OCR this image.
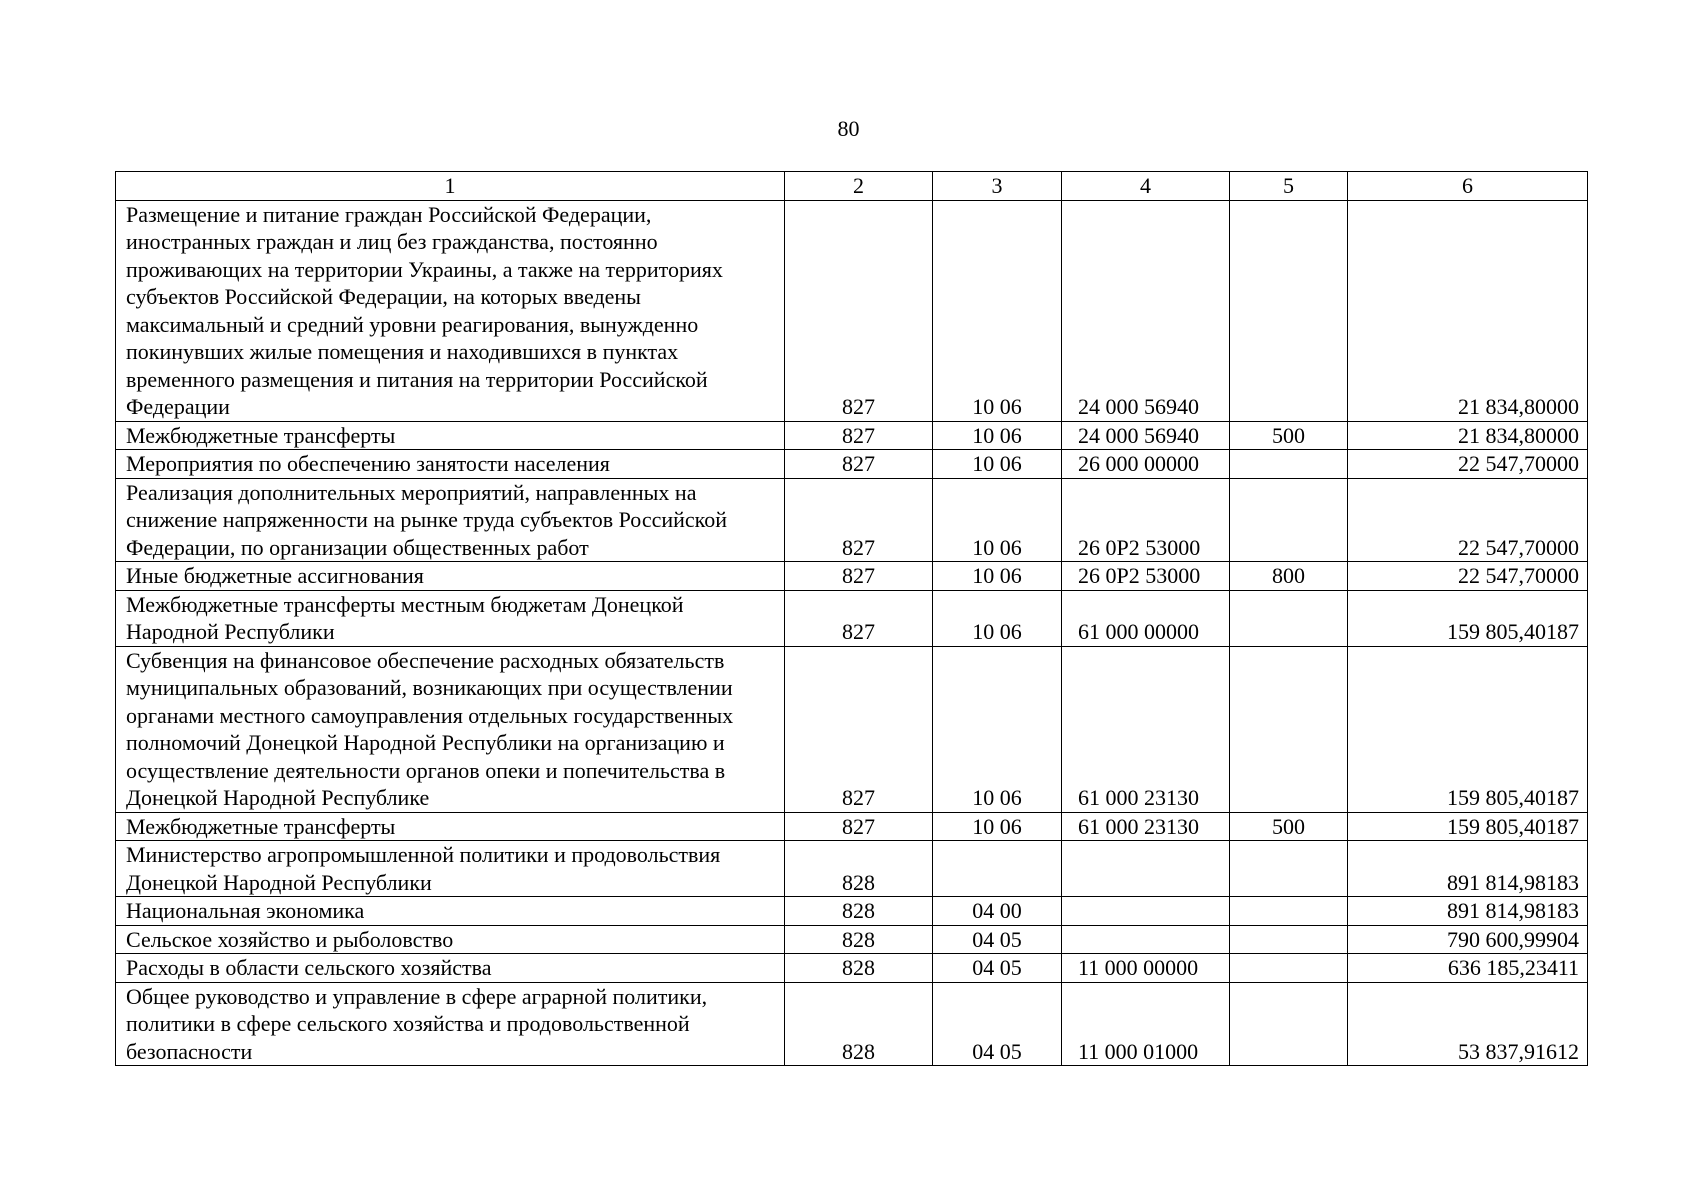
80
1	2	3	4	5	6
Размещение и питание граждан Российской Федерации, иностранных граждан и лиц без гражданства, постоянно проживающих на территории Украины, а также на территориях субъектов Российской Федерации, на которых введены максимальный и средний уровни реагирования, вынужденно покинувших жилые помещения и находившихся в пунктах временного размещения и питания на территории Российской Федерации	827	10 06	24 000 56940		21 834,80000
Межбюджетные трансферты	827	10 06	24 000 56940	500	21 834,80000
Мероприятия по обеспечению занятости населения	827	10 06	26 000 00000		22 547,70000
Реализация дополнительных мероприятий, направленных на снижение напряженности на рынке труда субъектов Российской Федерации, по организации общественных работ	827	10 06	26 0Р2 53000		22 547,70000
Иные бюджетные ассигнования	827	10 06	26 0Р2 53000	800	22 547,70000
Межбюджетные трансферты местным бюджетам Донецкой Народной Республики	827	10 06	61 000 00000		159 805,40187
Субвенция на финансовое обеспечение расходных обязательств муниципальных образований, возникающих при осуществлении органами местного самоуправления отдельных государственных полномочий Донецкой Народной Республики на организацию и осуществление деятельности органов опеки и попечительства в Донецкой Народной Республике	827	10 06	61 000 23130		159 805,40187
Межбюджетные трансферты	827	10 06	61 000 23130	500	159 805,40187
Министерство агропромышленной политики и продовольствия Донецкой Народной Республики	828				891 814,98183
Национальная экономика	828	04 00			891 814,98183
Сельское хозяйство и рыболовство	828	04 05			790 600,99904
Расходы в области сельского хозяйства	828	04 05	11 000 00000		636 185,23411
Общее руководство и управление в сфере аграрной политики, политики в сфере сельского хозяйства и продовольственной безопасности	828	04 05	11 000 01000		53 837,91612
